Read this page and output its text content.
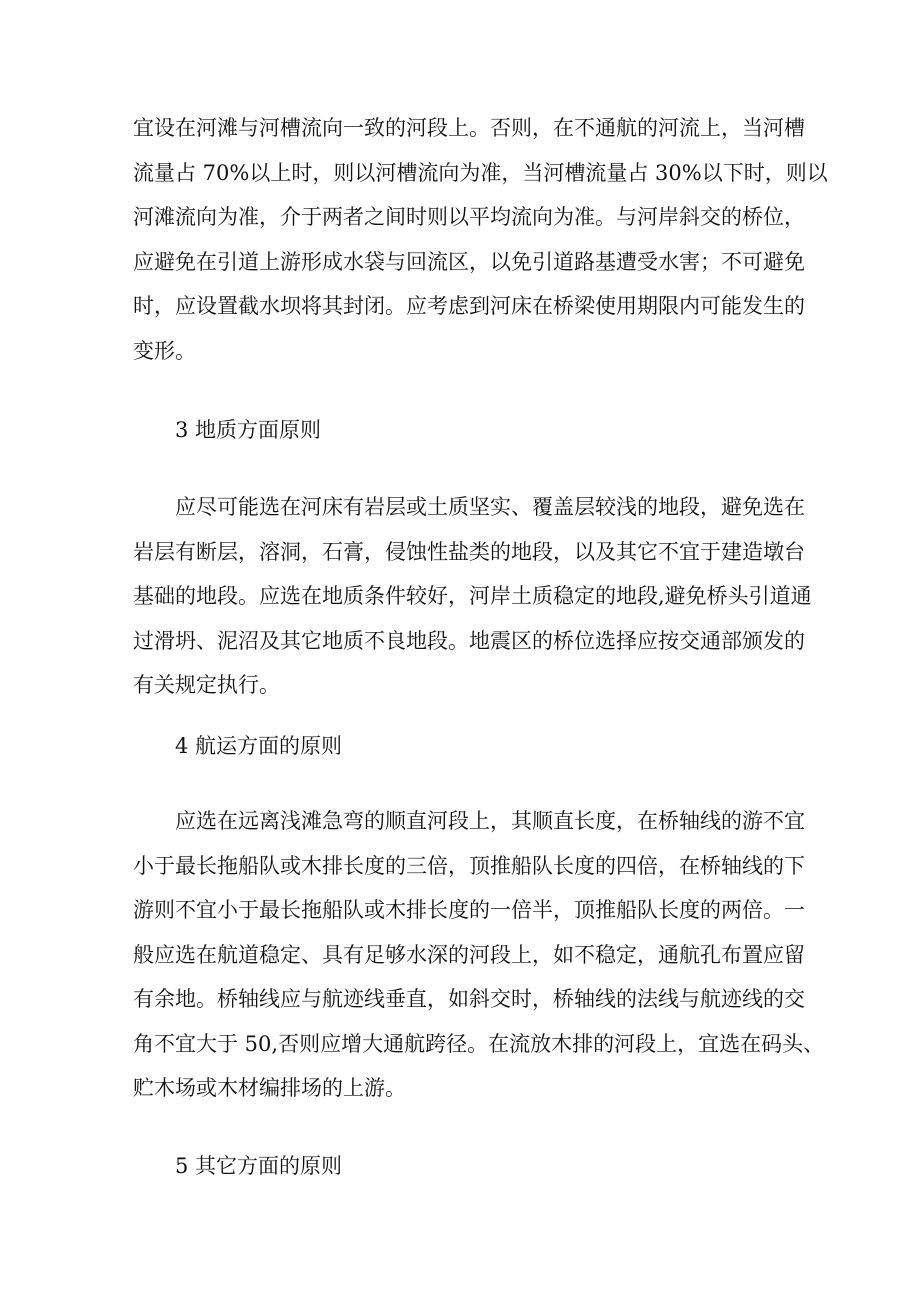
宜设在河滩与河槽流向一致的河段上。否则，在不通航的河流上，当河槽
流量占 70%以上时，则以河槽流向为准，当河槽流量占 30%以下时，则以
河滩流向为准，介于两者之间时则以平均流向为准。与河岸斜交的桥位，
应避免在引道上游形成水袋与回流区，以免引道路基遭受水害；不可避免
时，应设置截水坝将其封闭。应考虑到河床在桥梁使用期限内可能发生的
变形。

3 地质方面原则

应尽可能选在河床有岩层或土质坚实、覆盖层较浅的地段，避免选在
岩层有断层，溶洞，石膏，侵蚀性盐类的地段，以及其它不宜于建造墩台
基础的地段。应选在地质条件较好，河岸土质稳定的地段,避免桥头引道通
过滑坍、泥沼及其它地质不良地段。地震区的桥位选择应按交通部颁发的
有关规定执行。

4 航运方面的原则

应选在远离浅滩急弯的顺直河段上，其顺直长度，在桥轴线的游不宜
小于最长拖船队或木排长度的三倍，顶推船队长度的四倍，在桥轴线的下
游则不宜小于最长拖船队或木排长度的一倍半，顶推船队长度的两倍。一
般应选在航道稳定、具有足够水深的河段上，如不稳定，通航孔布置应留
有余地。桥轴线应与航迹线垂直，如斜交时，桥轴线的法线与航迹线的交
角不宜大于 50,否则应增大通航跨径。在流放木排的河段上，宜选在码头、
贮木场或木材编排场的上游。

5 其它方面的原则
